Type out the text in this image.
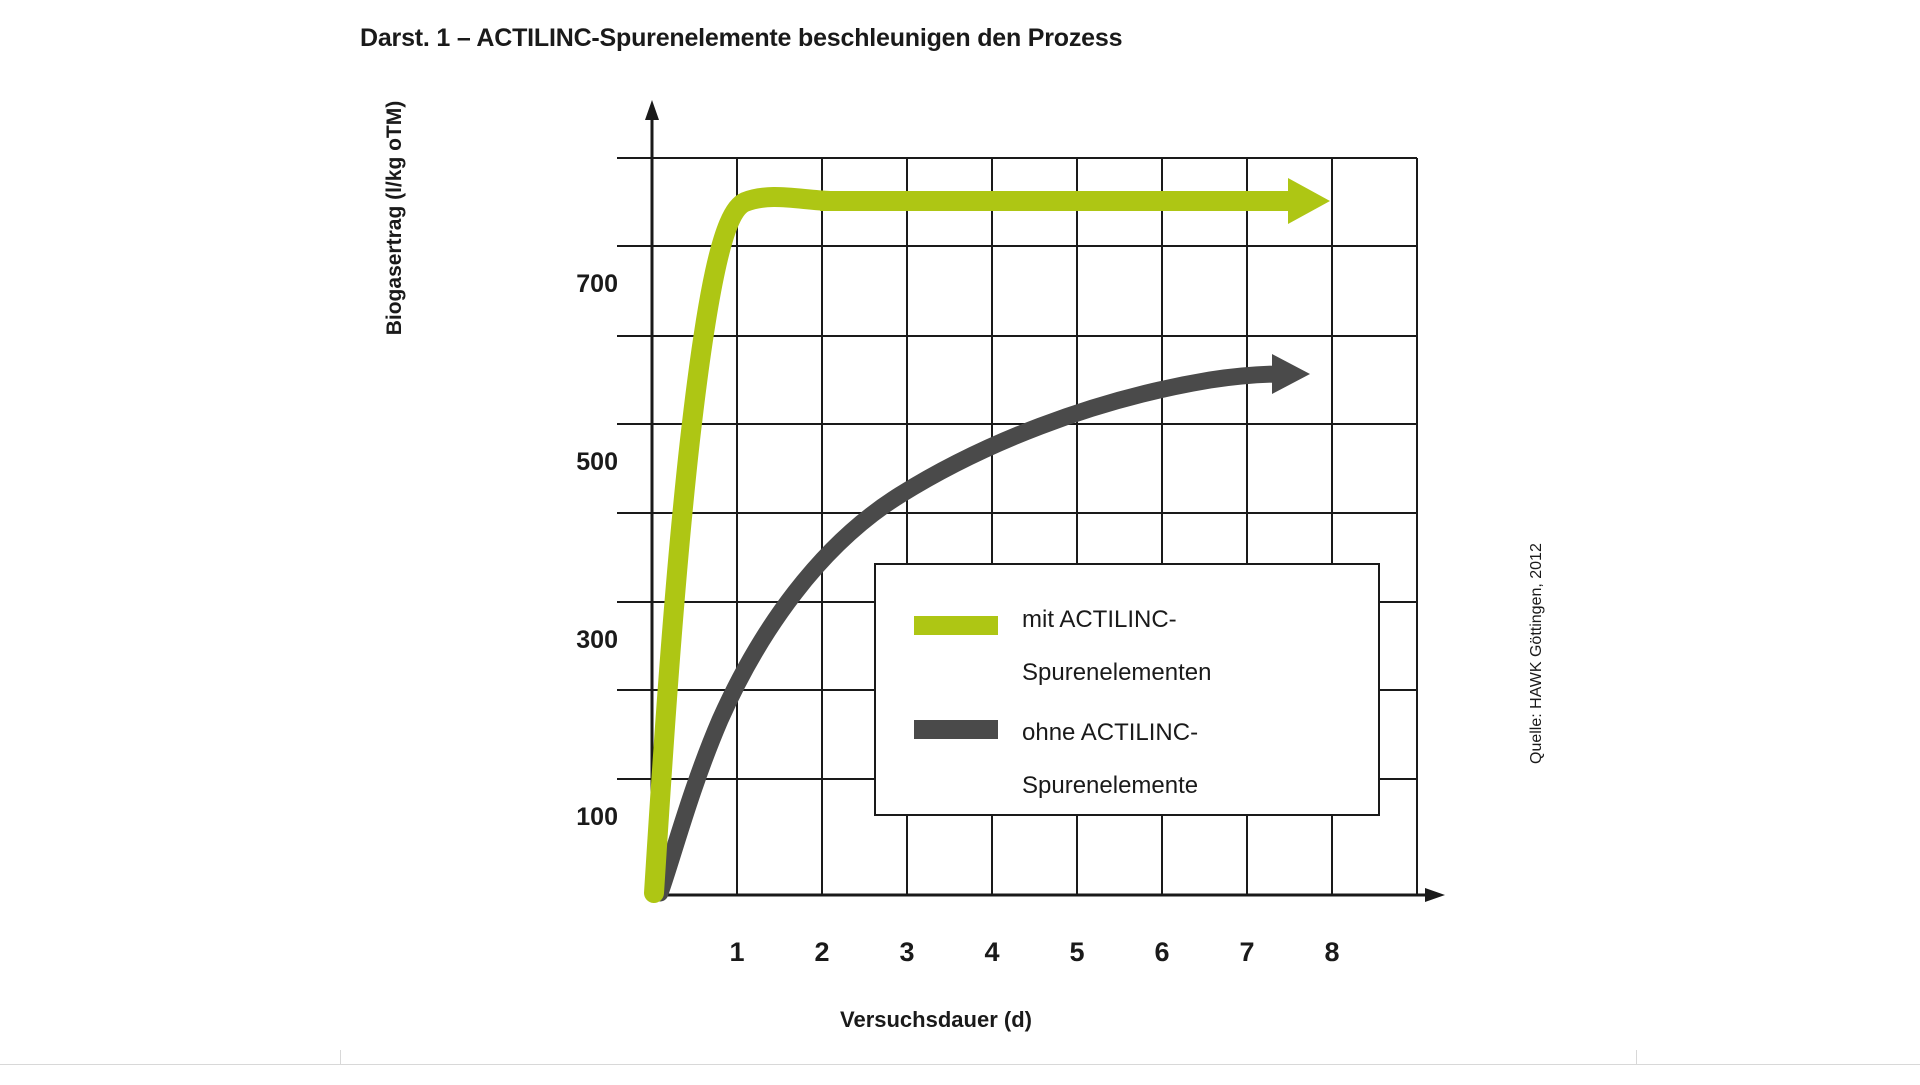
Darst. 1 – ACTILINC-Spurenelemente beschleunigen den Prozess
700
500
300
100
1	2	3	4	5	6	7	8
Biogasertrag (l/kg oTM)
Versuchsdauer (d)
mit ACTILINC-
Spurenelementen
ohne ACTILINC- Spurenelemente
Quelle: HAWK Göttingen, 2012
